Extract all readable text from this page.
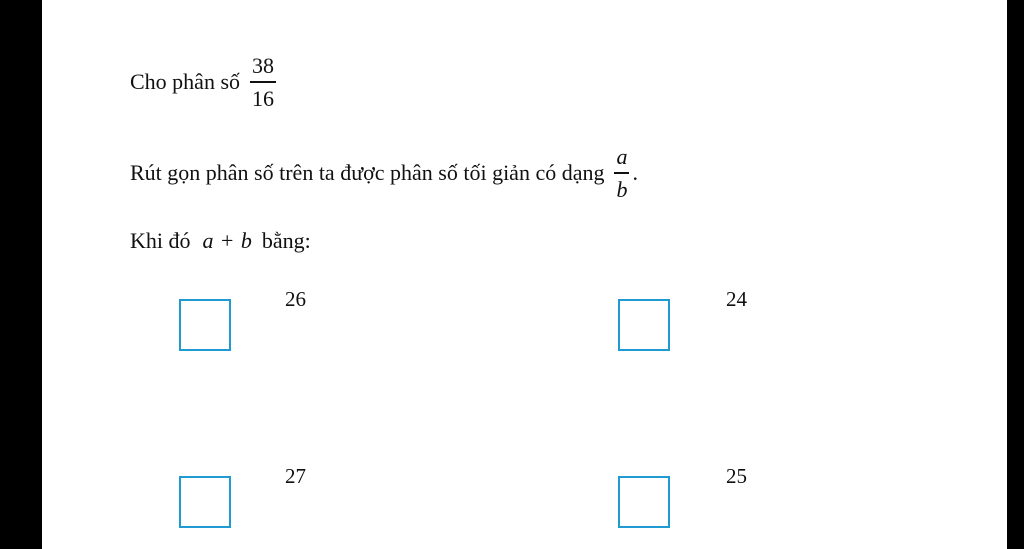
Cho phân số $\frac{38}{16}$
Rút gọn phân số trên ta được phân số tối giản có dạng $\frac{a}{b}$ .
Khi đó a + b bằng:
26	24
27	25
